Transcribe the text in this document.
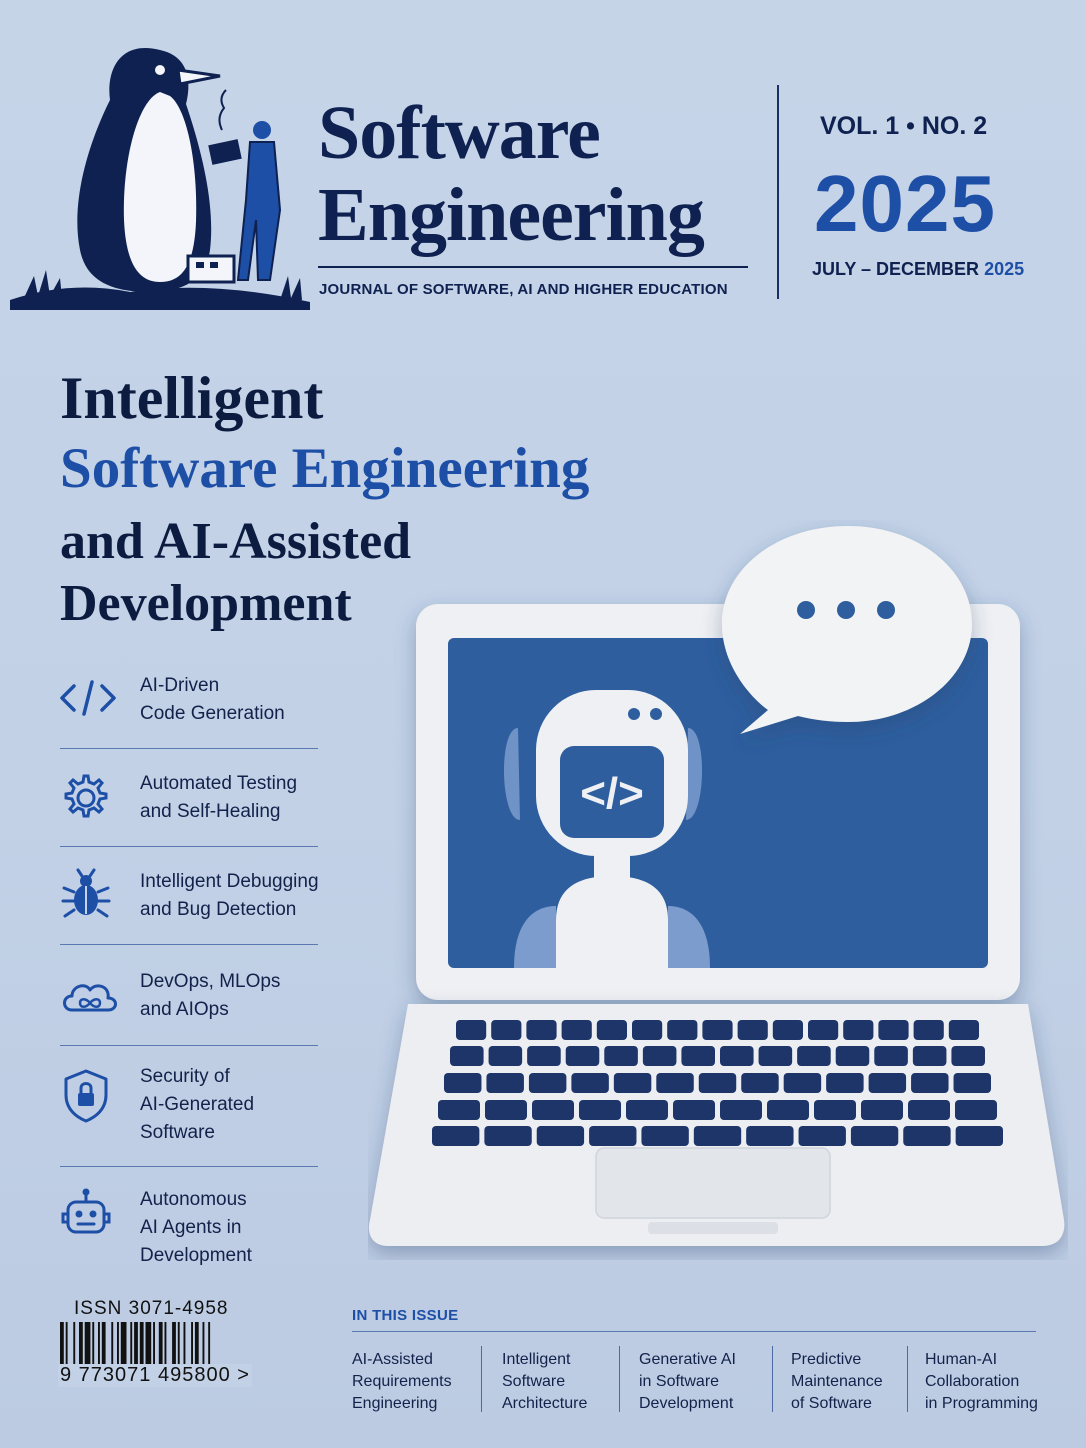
Software
Engineering
JOURNAL OF SOFTWARE, AI AND HIGHER EDUCATION
VOL. 1 • NO. 2
2025
JULY – DECEMBER 2025
Intelligent
Software Engineering
and AI-Assisted
Development
AI-Driven
Code Generation
Automated Testing
and Self-Healing
Intelligent Debugging
and Bug Detection
DevOps, MLOps
and AIOps
Security of
AI-Generated
Software
Autonomous
AI Agents in
Development
</>
ISSN 3071-4958
9 773071 495800 >
IN THIS ISSUE
AI-Assisted
Requirements
Engineering
Intelligent
Software
Architecture
Generative AI
in Software
Development
Predictive
Maintenance
of Software
Human-AI
Collaboration
in Programming
